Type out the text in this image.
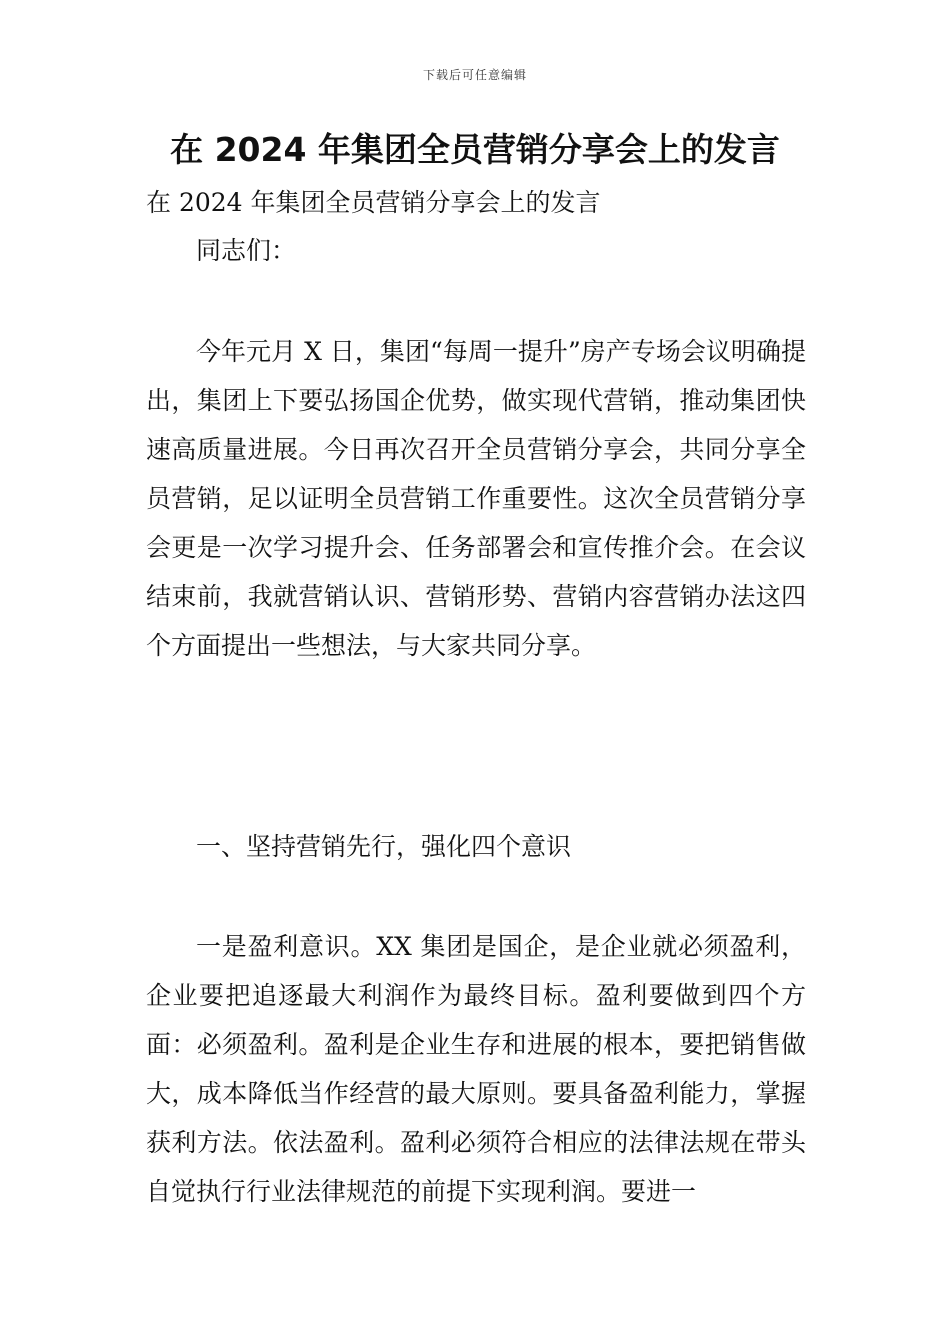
下载后可任意编辑
在 2024 年集团全员营销分享会上的发言

在 2024 年集团全员营销分享会上的发言

同志们：

今年元月 X 日，集团“每周一提升”房产专场会议明确提出，集团上下要弘扬国企优势，做实现代营销，推动集团快速高质量进展。今日再次召开全员营销分享会，共同分享全员营销，足以证明全员营销工作重要性。这次全员营销分享会更是一次学习提升会、任务部署会和宣传推介会。在会议结束前，我就营销认识、营销形势、营销内容营销办法这四个方面提出一些想法，与大家共同分享。

一、坚持营销先行，强化四个意识

一是盈利意识。XX 集团是国企，是企业就必须盈利，企业要把追逐最大利润作为最终目标。盈利要做到四个方面：必须盈利。盈利是企业生存和进展的根本，要把销售做大，成本降低当作经营的最大原则。要具备盈利能力，掌握获利方法。依法盈利。盈利必须符合相应的法律法规在带头自觉执行行业法律规范的前提下实现利润。要进一
